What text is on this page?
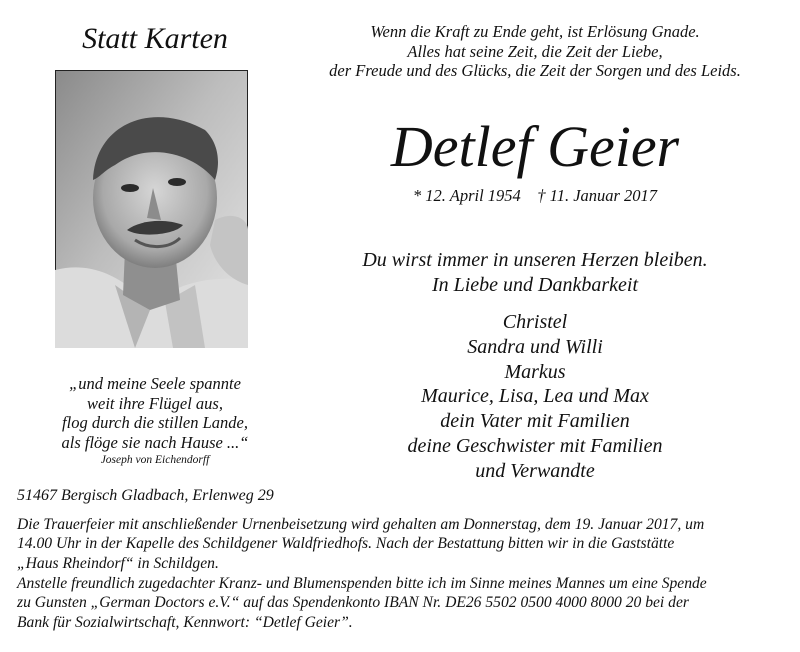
Statt Karten
„und meine Seele spannte
weit ihre Flügel aus,
flog durch die stillen Lande,
als flöge sie nach Hause ...“
Joseph von Eichendorff
Wenn die Kraft zu Ende geht, ist Erlösung Gnade.
Alles hat seine Zeit, die Zeit der Liebe,
der Freude und des Glücks, die Zeit der Sorgen und des Leids.
Detlef Geier
* 12. April 1954    † 11. Januar 2017
Du wirst immer in unseren Herzen bleiben.
In Liebe und Dankbarkeit
Christel
Sandra und Willi
Markus
Maurice, Lisa, Lea und Max
dein Vater mit Familien
deine Geschwister mit Familien
und Verwandte
51467 Bergisch Gladbach, Erlenweg 29
Die Trauerfeier mit anschließender Urnenbeisetzung wird gehalten am Donnerstag, dem 19. Januar 2017, um
14.00 Uhr in der Kapelle des Schildgener Waldfriedhofs. Nach der Bestattung bitten wir in die Gaststätte
„Haus Rheindorf“ in Schildgen.
Anstelle freundlich zugedachter Kranz- und Blumenspenden bitte ich im Sinne meines Mannes um eine Spende
zu Gunsten „German Doctors e.V.“ auf das Spendenkonto IBAN Nr. DE26 5502 0500 4000 8000 20 bei der
Bank für Sozialwirtschaft, Kennwort: “Detlef Geier”.
